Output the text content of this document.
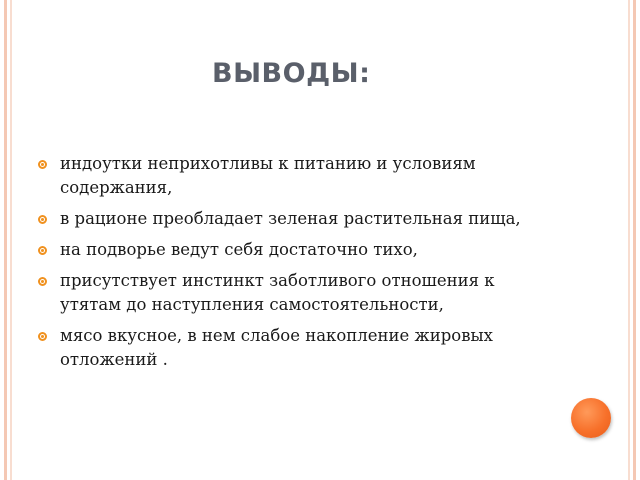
ВЫВОДЫ:
индоутки неприхотливы к питанию и условиям содержания,
в рационе преобладает зеленая растительная пища,
на подворье ведут себя достаточно тихо,
присутствует инстинкт заботливого отношения к утятам до наступления самостоятельности,
мясо вкусное, в нем слабое накопление жировых отложений .
